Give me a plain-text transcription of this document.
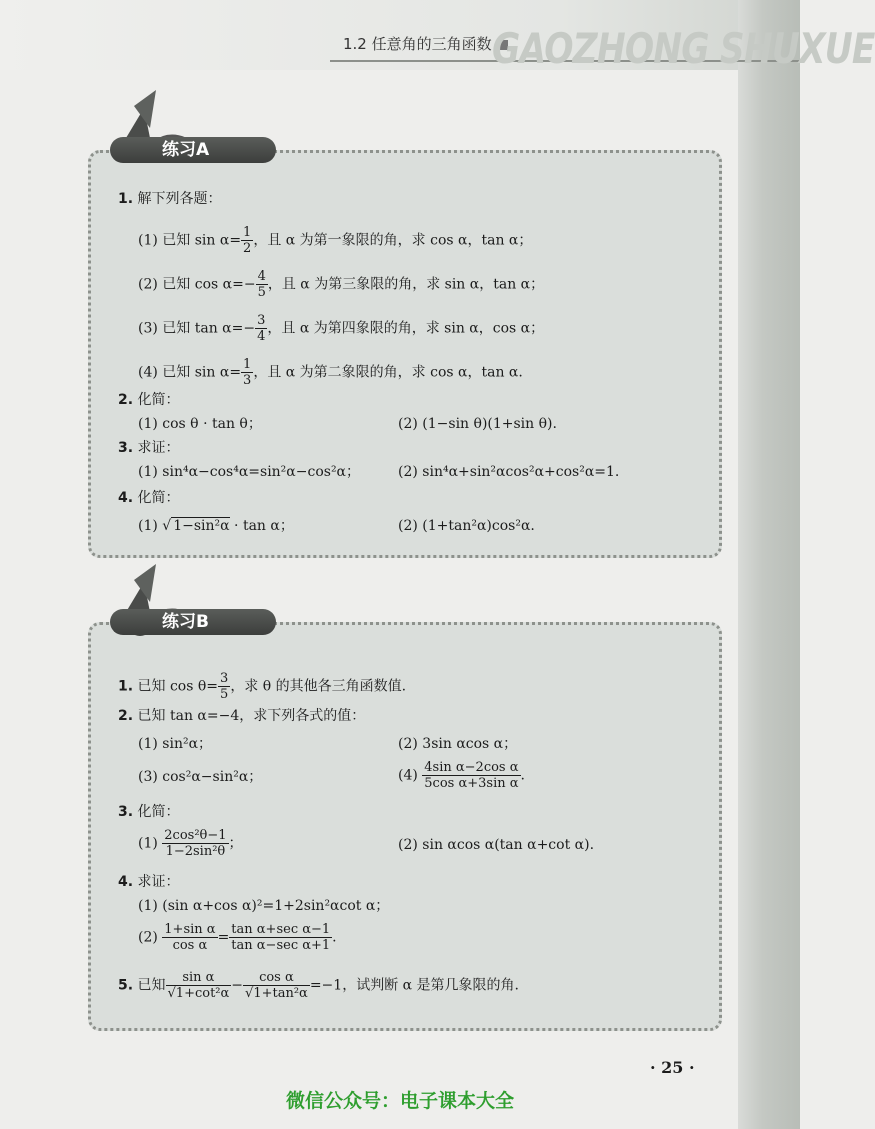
1.2 任意角的三角函数 GAOZHONG SHUXUE
练习A
1. 解下列各题：
(1) 已知 $\sin \alpha= \frac{1}{2}$ ，且 α 为第一象限的角，求 cos α，tan α；
(2) 已知 $\cos \alpha=- \frac{4}{5}$ ，且 α 为第三象限的角，求 sin α，tan α；
(3) 已知 $\tan \alpha=- \frac{3}{4}$ ，且 α 为第四象限的角，求 sin α，cos α；
(4) 已知 $\sin \alpha= \frac{1}{3}$ ，且 α 为第二象限的角，求 cos α，tan α.
2. 化简：
(1) cos θ · tan θ；	(2) (1−sin θ)(1+sin θ).
3. 求证：
(1) sin⁴α−cos⁴α=sin²α−cos²α；	(2) sin⁴α+sin²αcos²α+cos²α=1.
4. 化简：
(1) √ 1−sin²α · tan α；	(2) (1+tan²α)cos²α.
练习B
1. 已知 $\cos \theta= \frac{3}{5}$ ，求 θ 的其他各三角函数值.
2. 已知 tan α=−4，求下列各式的值：
(1) sin²α；	(2) 3sin αcos α；
(3) cos²α−sin²α；	$(4) \frac{\text{4sin α−2cos α}}{\text{5cos α+3sin α}}$ .
3. 化简：
$(1) \frac{\text{2cos²θ−1}}{\text{1−2sin²θ}}$ ；	(2) sin αcos α(tan α+cot α).
4. 求证：
(1) (sin α+cos α)²=1+2sin²αcot α；
$(2) \frac{\text{1+sin α}}{\text{cos α}} = \frac{\text{tan α+sec α−1}}{\text{tan α−sec α+1}}$ .
5. 已知 $\frac{\text{sin α}}{\text{√1+cot²α}} - \frac{\text{cos α}}{\text{√1+tan²α}} =-1$，试判断 α 是第几象限的角.
· 25 ·
微信公众号：电子课本大全
